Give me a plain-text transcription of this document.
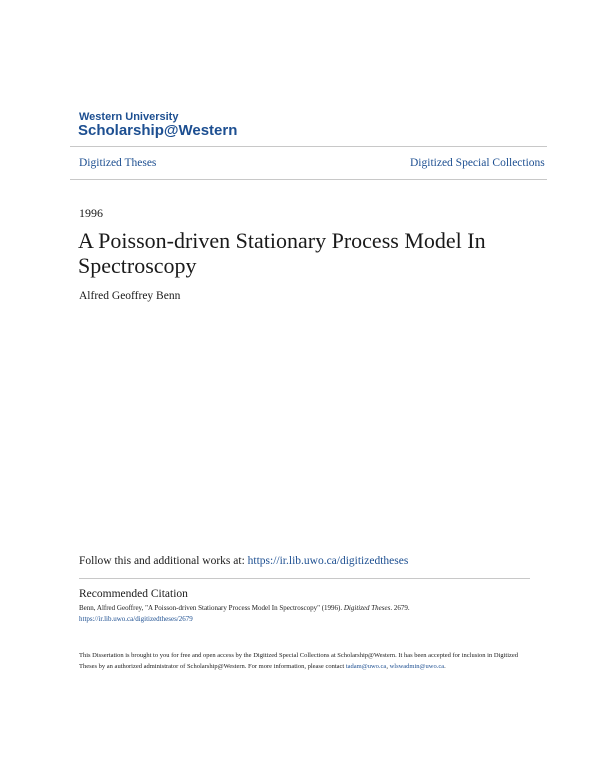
Western University
Scholarship@Western
Digitized Theses	Digitized Special Collections
1996
A Poisson-driven Stationary Process Model In Spectroscopy
Alfred Geoffrey Benn
Follow this and additional works at: https://ir.lib.uwo.ca/digitizedtheses
Recommended Citation
Benn, Alfred Geoffrey, "A Poisson-driven Stationary Process Model In Spectroscopy" (1996). Digitized Theses. 2679.
https://ir.lib.uwo.ca/digitizedtheses/2679
This Dissertation is brought to you for free and open access by the Digitized Special Collections at Scholarship@Western. It has been accepted for inclusion in Digitized Theses by an authorized administrator of Scholarship@Western. For more information, please contact tadam@uwo.ca, wlswadmin@uwo.ca.
